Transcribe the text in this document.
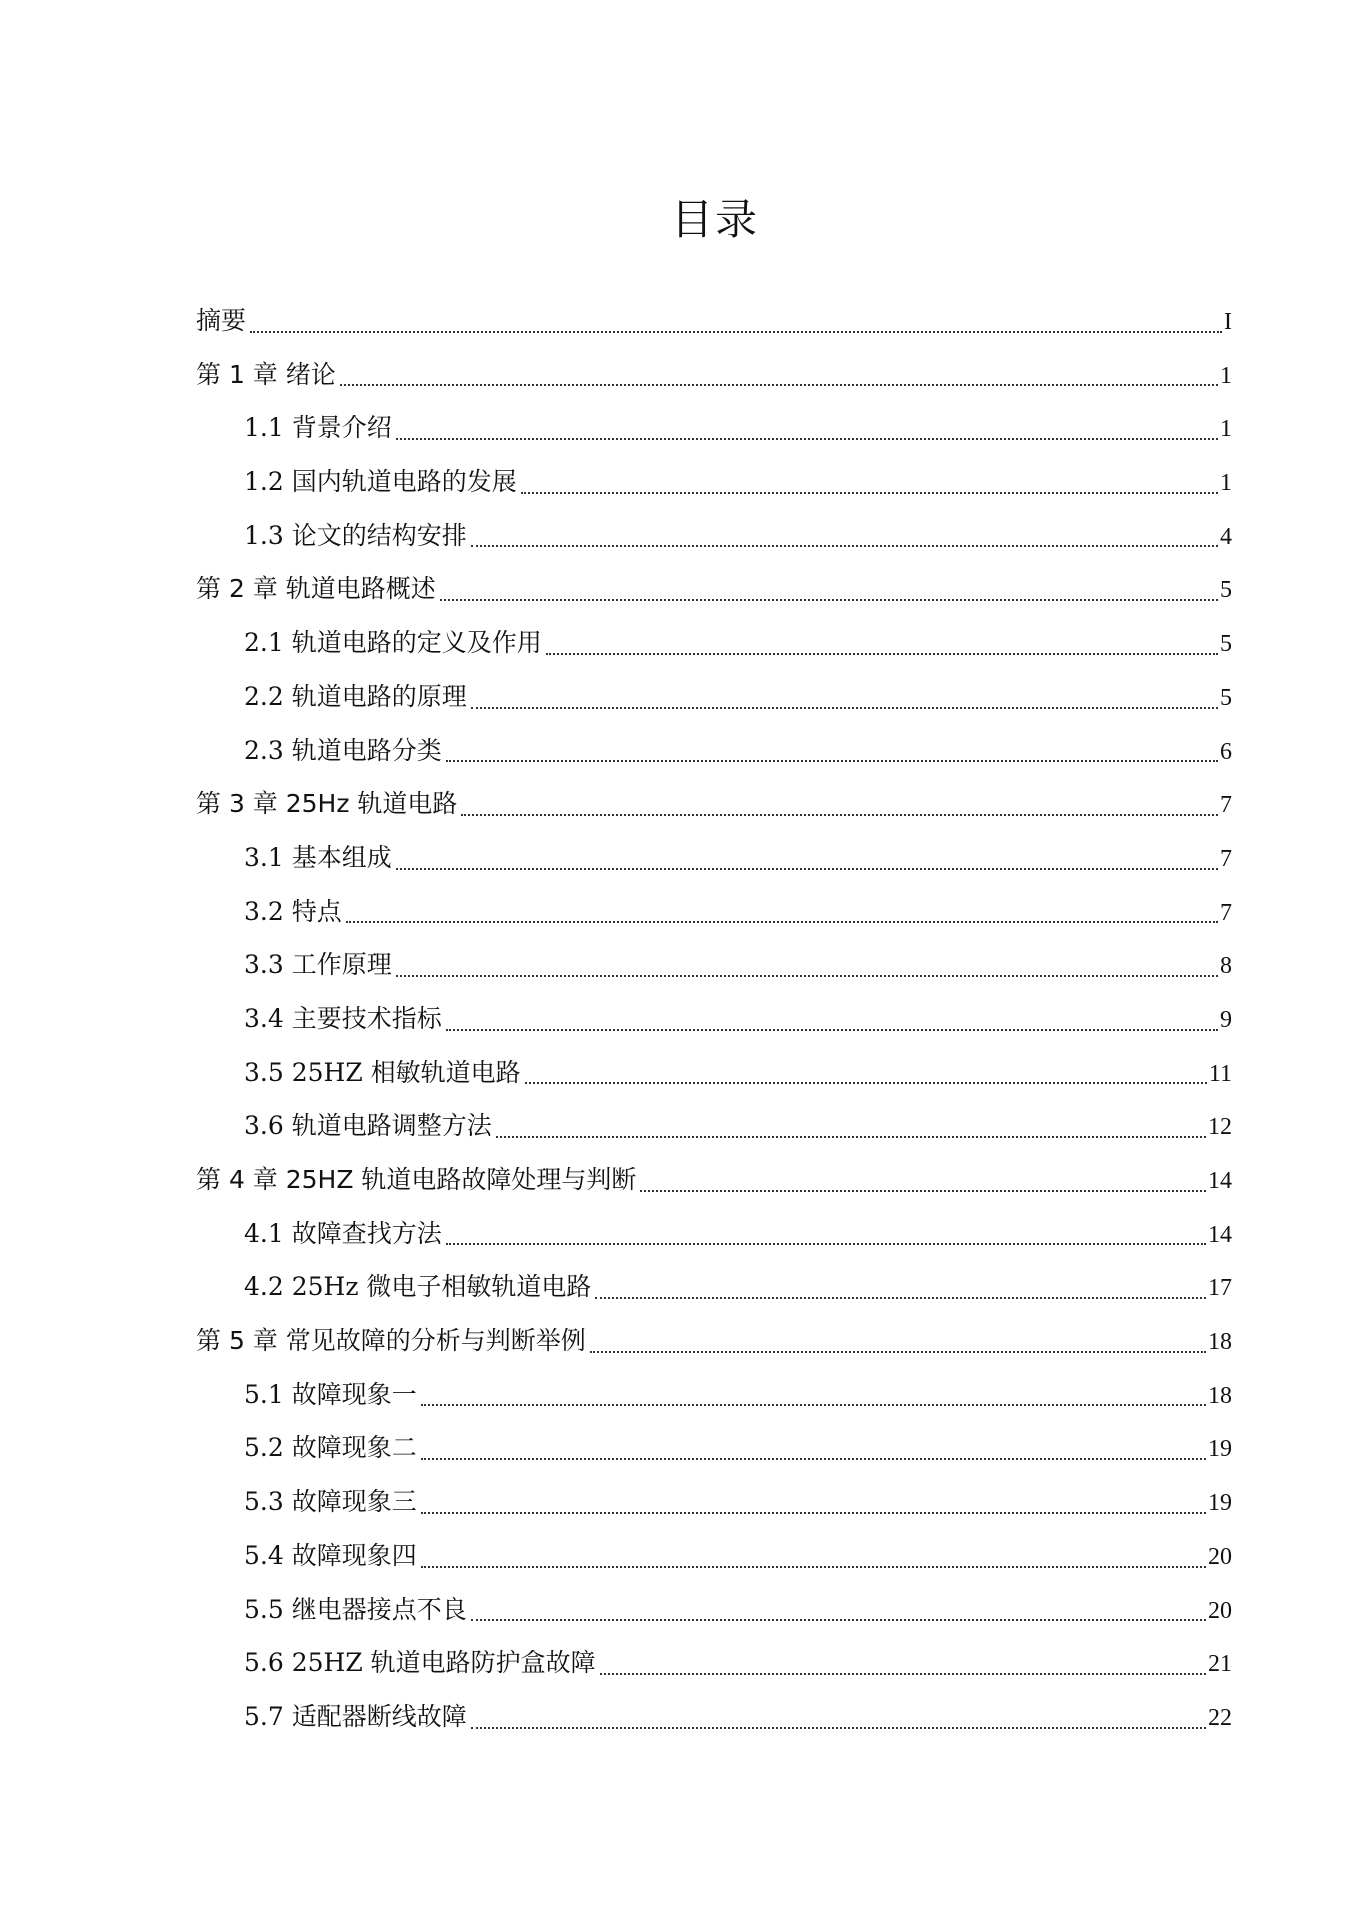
目录
摘要	I
第 1 章 绪论	1
1.1 背景介绍	1
1.2 国内轨道电路的发展	1
1.3 论文的结构安排	4
第 2 章 轨道电路概述	5
2.1 轨道电路的定义及作用	5
2.2 轨道电路的原理	5
2.3 轨道电路分类	6
第 3 章 25Hz 轨道电路	7
3.1 基本组成	7
3.2 特点	7
3.3 工作原理	8
3.4 主要技术指标	9
3.5 25HZ 相敏轨道电路	11
3.6 轨道电路调整方法	12
第 4 章 25HZ 轨道电路故障处理与判断	14
4.1 故障查找方法	14
4.2 25Hz 微电子相敏轨道电路	17
第 5 章 常见故障的分析与判断举例	18
5.1 故障现象一	18
5.2 故障现象二	19
5.3 故障现象三	19
5.4 故障现象四	20
5.5 继电器接点不良	20
5.6 25HZ 轨道电路防护盒故障	21
5.7 适配器断线故障	22
